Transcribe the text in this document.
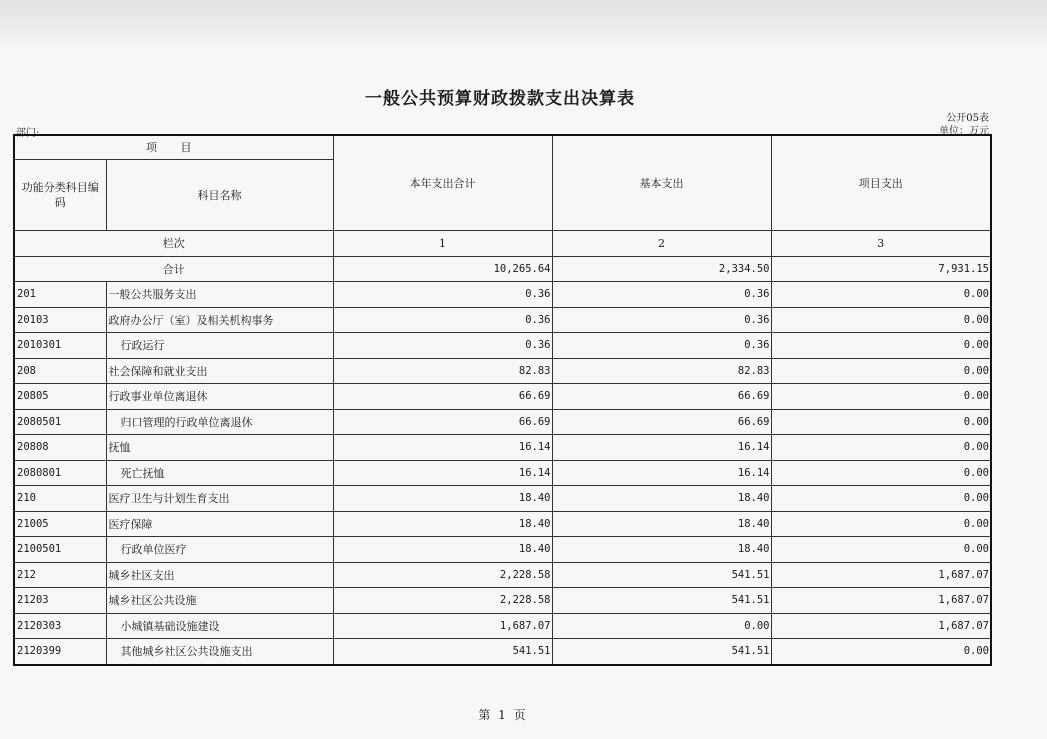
一般公共预算财政拨款支出决算表
公开05表
单位：万元
部门:
项 目		本年支出合计	基本支出	项目支出
功能分类科目编码	科目名称			
栏次		1	2	3
合计		10,265.64	2,334.50	7,931.15
201	一般公共服务支出	0.36	0.36	0.00
20103	政府办公厅（室）及相关机构事务	0.36	0.36	0.00
2010301	行政运行	0.36	0.36	0.00
208	社会保障和就业支出	82.83	82.83	0.00
20805	行政事业单位离退休	66.69	66.69	0.00
2080501	归口管理的行政单位离退休	66.69	66.69	0.00
20808	抚恤	16.14	16.14	0.00
2080801	死亡抚恤	16.14	16.14	0.00
210	医疗卫生与计划生育支出	18.40	18.40	0.00
21005	医疗保障	18.40	18.40	0.00
2100501	行政单位医疗	18.40	18.40	0.00
212	城乡社区支出	2,228.58	541.51	1,687.07
21203	城乡社区公共设施	2,228.58	541.51	1,687.07
2120303	小城镇基础设施建设	1,687.07	0.00	1,687.07
2120399	其他城乡社区公共设施支出	541.51	541.51	0.00
第 1 页
